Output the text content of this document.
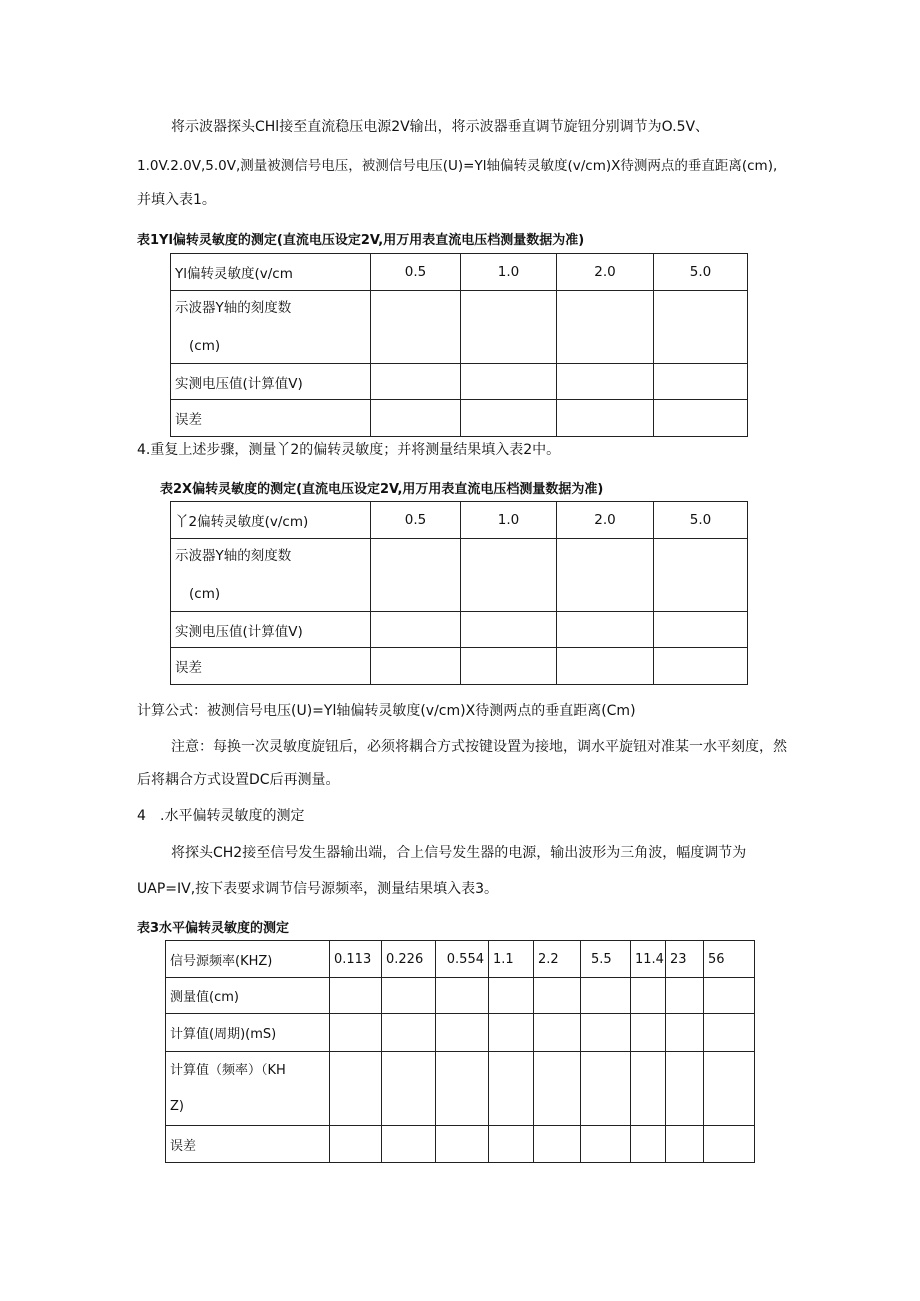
将示波器探头CHl接至直流稳压电源2V输出，将示波器垂直调节旋钮分别调节为O.5V、
1.0V.2.0V,5.0V,测量被测信号电压，被测信号电压(U)=Yl轴偏转灵敏度(v∕cm)X待测两点的垂直距离(cm),
并填入表1。
表1Yl偏转灵敏度的测定(直流电压设定2V,用万用表直流电压档测量数据为准)
Yl偏转灵敏度(v/cm	0.5	1.0	2.0	5.0

示波器Y轴的刻度数
(cm)				

实测电压值(计算值V)				
误差				
4.重复上述步骤，测量丫2的偏转灵敏度；并将测量结果填入表2中。
表2X偏转灵敏度的测定(直流电压设定2V,用万用表直流电压档测量数据为准)
丫2偏转灵敏度(v∕cm)	0.5	1.0	2.0	5.0

示波器Y轴的刻度数
(cm)				

实测电压值(计算值V)				
误差				
计算公式：被测信号电压(U)=Yl轴偏转灵敏度(v∕cm)X待测两点的垂直距离(Cm)
注意：每换一次灵敏度旋钮后，必须将耦合方式按键设置为接地，调水平旋钮对准某一水平刻度，然
后将耦合方式设置DC后再测量。
4 .水平偏转灵敏度的测定
将探头CH2接至信号发生器输出端，合上信号发生器的电源，输出波形为三角波，幅度调节为
UAP=IV,按下表要求调节信号源频率，测量结果填入表3。
表3水平偏转灵敏度的测定
信号源频率(KHZ)	0.113	0.226	0.554	1.1	2.2	5.5	11.4	23	56
测量值(cm)									
计算值(周期)(mS)									

计算值（频率）（KH
Z)									

误差									
